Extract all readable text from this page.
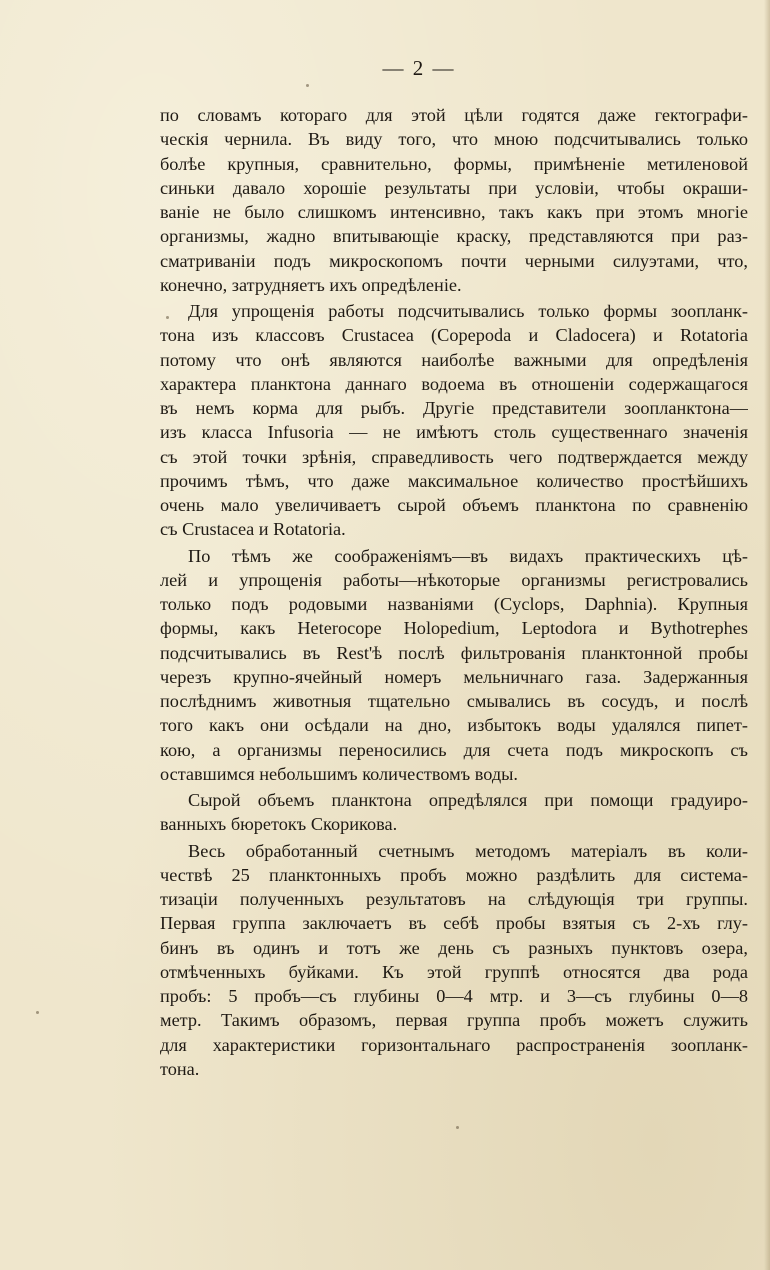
— 2 —
по словамъ котораго для этой цѣли годятся даже гектографи-
ческія чернила. Въ виду того, что мною подсчитывались только
болѣе крупныя, сравнительно, формы, примѣненіе метиленовой
синьки давало хорошіе результаты при условіи, чтобы окраши-
ваніе не было слишкомъ интенсивно, такъ какъ при этомъ многіе
организмы, жадно впитывающіе краску, представляются при раз-
сматриваніи подъ микроскопомъ почти черными силуэтами, что,
конечно, затрудняетъ ихъ опредѣленіе.
Для упрощенія работы подсчитывались только формы зоопланк-
тона изъ классовъ Crustacea (Copepoda и Cladocera) и Rotatoria
потому что онѣ являются наиболѣе важными для опредѣленія
характера планктона даннаго водоема въ отношеніи содержащагося
въ немъ корма для рыбъ. Другіе представители зоопланктона—
изъ класса Infusoria — не имѣютъ столь существеннаго значенія
съ этой точки зрѣнія, справедливость чего подтверждается между
прочимъ тѣмъ, что даже максимальное количество простѣйшихъ
очень мало увеличиваетъ сырой объемъ планктона по сравненію
съ Crustacea и Rotatoria.
По тѣмъ же соображеніямъ—въ видахъ практическихъ цѣ-
лей и упрощенія работы—нѣкоторые организмы регистровались
только подъ родовыми названіями (Cyclops, Daphnia). Крупныя
формы, какъ Heterocope Holopedium, Leptodora и Bythotrephes
подсчитывались въ Rest'ѣ послѣ фильтрованія планктонной пробы
черезъ крупно-ячейный номеръ мельничнаго газа. Задержанныя
послѣднимъ животныя тщательно смывались въ сосудъ, и послѣ
того какъ они осѣдали на дно, избытокъ воды удалялся пипет-
кою, а организмы переносились для счета подъ микроскопъ съ
оставшимся небольшимъ количествомъ воды.
Сырой объемъ планктона опредѣлялся при помощи градуиро-
ванныхъ бюретокъ Скорикова.
Весь обработанный счетнымъ методомъ матеріалъ въ коли-
чествѣ 25 планктонныхъ пробъ можно раздѣлить для система-
тизаціи полученныхъ результатовъ на слѣдующія три группы.
Первая группа заключаетъ въ себѣ пробы взятыя съ 2-хъ глу-
бинъ въ одинъ и тотъ же день съ разныхъ пунктовъ озера,
отмѣченныхъ буйками. Къ этой группѣ относятся два рода
пробъ: 5 пробъ—съ глубины 0—4 мтр. и 3—съ глубины 0—8
метр. Такимъ образомъ, первая группа пробъ можетъ служить
для характеристики горизонтальнаго распространенія зоопланк-
тона.
